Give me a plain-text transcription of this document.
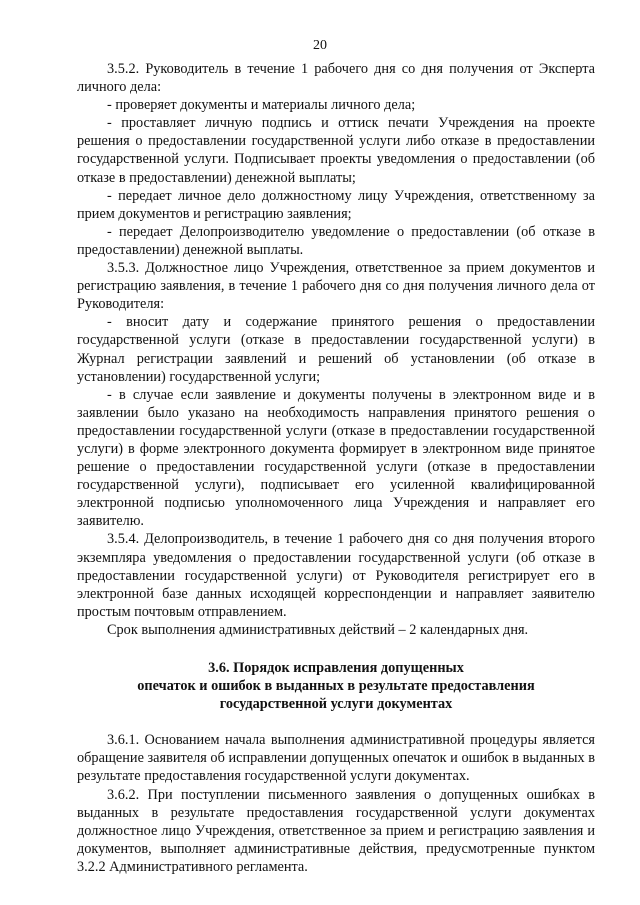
20

3.5.2. Руководитель в течение 1 рабочего дня со дня получения от Эксперта личного дела:

- проверяет документы и материалы личного дела;

- проставляет личную подпись и оттиск печати Учреждения на проекте решения о предоставлении государственной услуги либо отказе в предоставлении государственной услуги. Подписывает проекты уведомления о предоставлении (об отказе в предоставлении) денежной выплаты;

- передает личное дело должностному лицу Учреждения, ответственному за прием документов и регистрацию заявления;

- передает Делопроизводителю уведомление о предоставлении (об отказе в предоставлении) денежной выплаты.

3.5.3. Должностное лицо Учреждения, ответственное за прием документов и регистрацию заявления, в течение 1 рабочего дня со дня получения личного дела от Руководителя:

- вносит дату и содержание принятого решения о предоставлении государственной услуги (отказе в предоставлении государственной услуги) в Журнал регистрации заявлений и решений об установлении (об отказе в установлении) государственной услуги;

- в случае если заявление и документы получены в электронном виде и в заявлении было указано на необходимость направления принятого решения о предоставлении государственной услуги (отказе в предоставлении государственной услуги) в форме электронного документа формирует в электронном виде принятое решение о предоставлении государственной услуги (отказе в предоставлении государственной услуги), подписывает его усиленной квалифицированной электронной подписью уполномоченного лица Учреждения и направляет его заявителю.

3.5.4. Делопроизводитель, в течение 1 рабочего дня со дня получения второго экземпляра уведомления о предоставлении государственной услуги (об отказе в предоставлении государственной услуги) от Руководителя регистрирует его в электронной базе данных исходящей корреспонденции и направляет заявителю простым почтовым отправлением.

Срок выполнения административных действий – 2 календарных дня.

3.6. Порядок исправления допущенных
опечаток и ошибок в выданных в результате предоставления
государственной услуги документах

3.6.1. Основанием начала выполнения административной процедуры является обращение заявителя об исправлении допущенных опечаток и ошибок в выданных в результате предоставления государственной услуги документах.

3.6.2. При поступлении письменного заявления о допущенных ошибках в выданных в результате предоставления государственной услуги документах должностное лицо Учреждения, ответственное за прием и регистрацию заявления и документов, выполняет административные действия, предусмотренные пунктом 3.2.2 Административного регламента.
